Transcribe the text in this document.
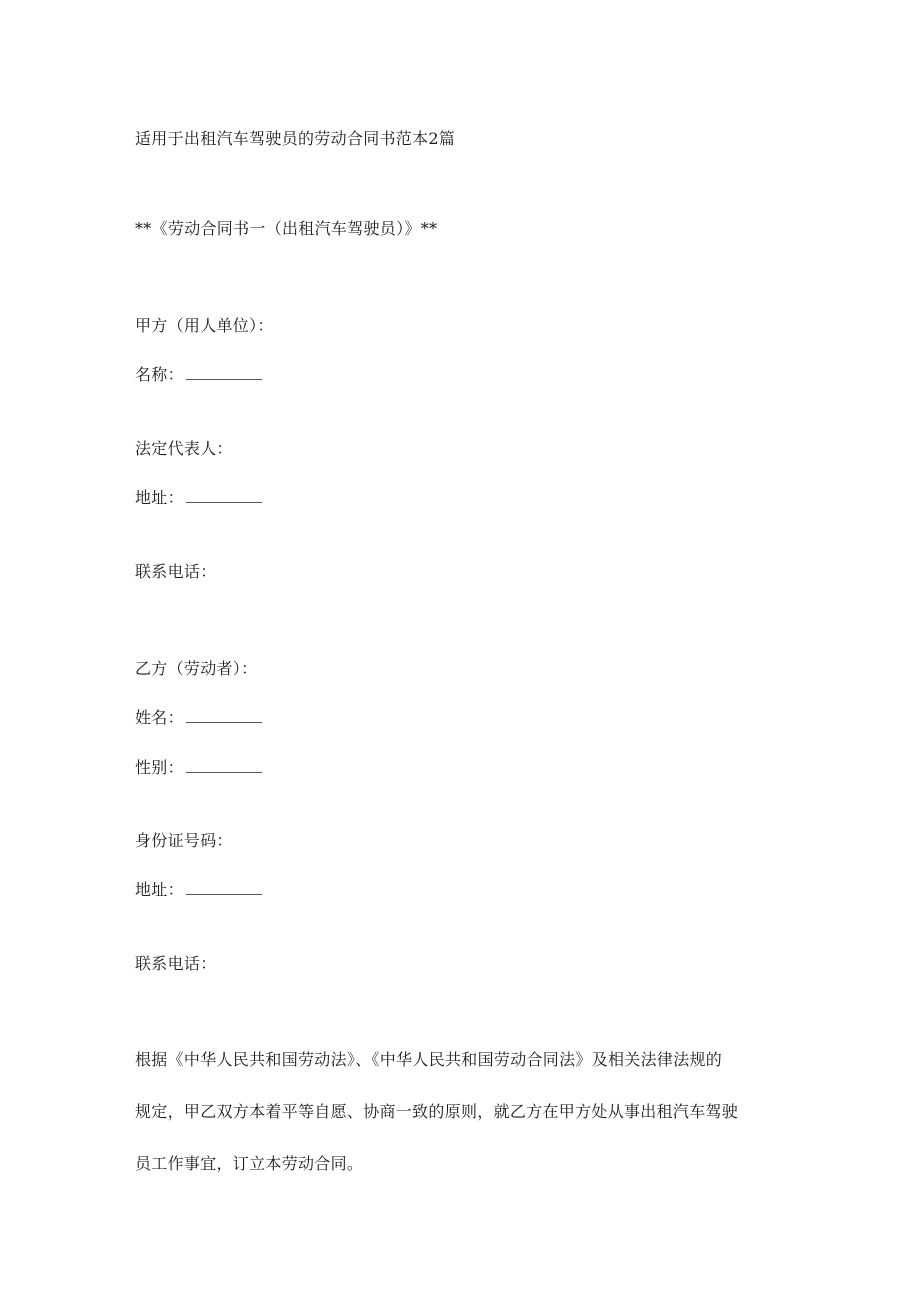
适用于出租汽车驾驶员的劳动合同书范本2篇
**《劳动合同书一（出租汽车驾驶员）》**
甲方（用人单位）：
名称：
法定代表人：
地址：
联系电话：
乙方（劳动者）：
姓名：
性别：
身份证号码：
地址：
联系电话：

根据《中华人民共和国劳动法》、《中华人民共和国劳动合同法》及相关法律法规的

规定，甲乙双方本着平等自愿、协商一致的原则，就乙方在甲方处从事出租汽车驾驶

员工作事宜，订立本劳动合同。
